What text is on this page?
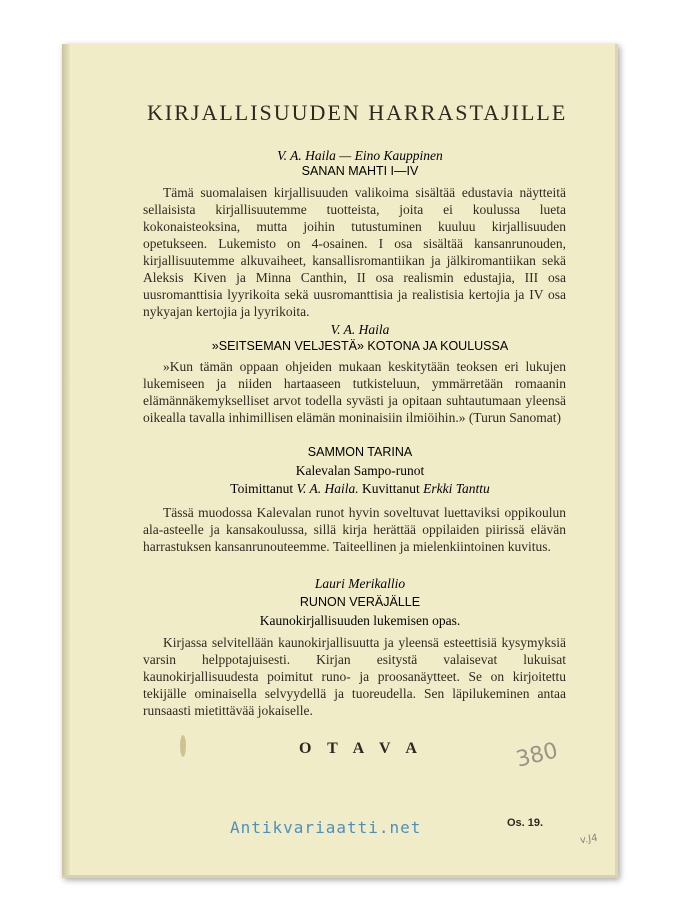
KIRJALLISUUDEN HARRASTAJILLE
V. A. Haila — Eino Kauppinen
SANAN MAHTI I—IV

Tämä suomalaisen kirjallisuuden valikoima sisältää edustavia näytteitä sellaisista kirjallisuutemme tuotteista, joita ei koulussa lueta kokonaisteoksina, mutta joihin tutustuminen kuuluu kirjallisuuden opetukseen. Lukemisto on 4-osainen. I osa sisältää kansanrunouden, kirjallisuutemme alkuvaiheet, kansallisromantiikan ja jälkiromantiikan sekä Aleksis Kiven ja Minna Canthin, II osa realismin edustajia, III osa uusromanttisia lyyrikoita sekä uusromanttisia ja realistisia kertojia ja IV osa nykyajan kertojia ja lyyrikoita.

V. A. Haila
»SEITSEMAN VELJESTÄ» KOTONA JA KOULUSSA

»Kun tämän oppaan ohjeiden mukaan keskitytään teoksen eri lukujen lukemiseen ja niiden hartaaseen tutkisteluun, ymmärretään romaanin elämännäkemykselliset arvot todella syvästi ja opitaan suhtautumaan yleensä oikealla tavalla inhimillisen elämän moninaisiin ilmiöihin.» (Turun Sanomat)

SAMMON TARINA
Kalevalan Sampo-runot
Toimittanut V. A. Haila. Kuvittanut Erkki Tanttu

Tässä muodossa Kalevalan runot hyvin soveltuvat luettaviksi oppikoulun ala-asteelle ja kansakoulussa, sillä kirja herättää oppilaiden piirissä elävän harrastuksen kansanrunouteemme. Taiteellinen ja mielenkiintoinen kuvitus.

Lauri Merikallio
RUNON VERÄJÄLLE
Kaunokirjallisuuden lukemisen opas.

Kirjassa selvitellään kaunokirjallisuutta ja yleensä esteettisiä kysymyksiä varsin helppotajuisesti. Kirjan esitystä valaisevat lukuisat kaunokirjallisuudesta poimitut runo- ja proosanäytteet. Se on kirjoitettu tekijälle ominaisella selvyydellä ja tuoreudella. Sen läpilukeminen antaa runsaasti mietittävää jokaiselle.

O T A V A	380
Os. 19.
Antikvariaatti.net
v.J4
